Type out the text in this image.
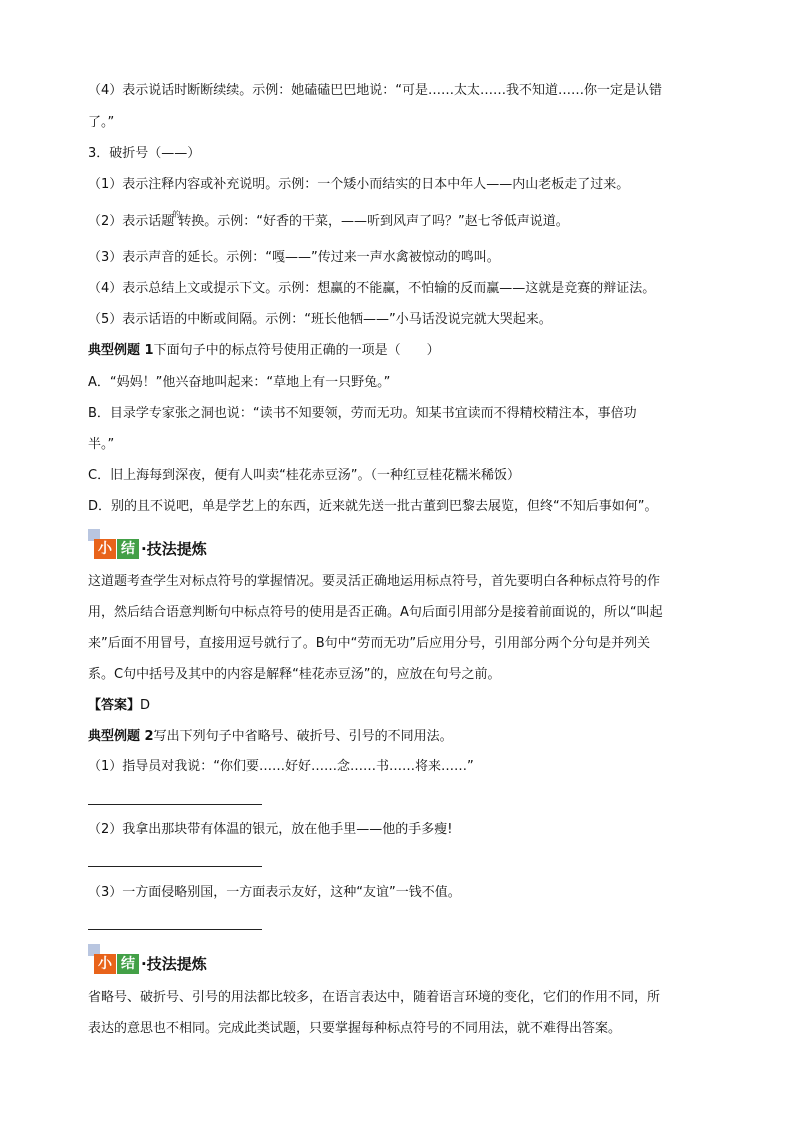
（4）表示说话时断断续续。示例：她磕磕巴巴地说：“可是……太太……我不知道……你一定是认错
了。”
3．破折号（——）
（1）表示注释内容或补充说明。示例：一个矮小而结实的日本中年人——内山老板走了过来。
（2）表示话题$^的$转换。示例：“好香的干菜，——听到风声了吗？”赵七爷低声说道。
（3）表示声音的延长。示例：“嘎——”传过来一声水禽被惊动的鸣叫。
（4）表示总结上文或提示下文。示例：想赢的不能赢，不怕输的反而赢——这就是竞赛的辩证法。
（5）表示话语的中断或间隔。示例：“班长他牺——”小马话没说完就大哭起来。
典型例题 1下面句子中的标点符号使用正确的一项是（　　）
A．“妈妈！”他兴奋地叫起来：“草地上有一只野兔。”
B．目录学专家张之洞也说：“读书不知要领，劳而无功。知某书宜读而不得精校精注本，事倍功
半。”
C．旧上海每到深夜，便有人叫卖“桂花赤豆汤”。（一种红豆桂花糯米稀饭）
D．别的且不说吧，单是学艺上的东西，近来就先送一批古董到巴黎去展览，但终“不知后事如何”。
小 结 ·技法提炼
这道题考查学生对标点符号的掌握情况。要灵活正确地运用标点符号，首先要明白各种标点符号的作
用，然后结合语意判断句中标点符号的使用是否正确。A句后面引用部分是接着前面说的，所以“叫起
来”后面不用冒号，直接用逗号就行了。B句中“劳而无功”后应用分号，引用部分两个分句是并列关
系。C句中括号及其中的内容是解释“桂花赤豆汤”的，应放在句号之前。
【答案】D
典型例题 2写出下列句子中省略号、破折号、引号的不同用法。
（1）指导员对我说：“你们要……好好……念……书……将来……”
（2）我拿出那块带有体温的银元，放在他手里——他的手多瘦!
（3）一方面侵略别国，一方面表示友好，这种“友谊”一钱不值。
小 结 ·技法提炼
省略号、破折号、引号的用法都比较多，在语言表达中，随着语言环境的变化，它们的作用不同，所
表达的意思也不相同。完成此类试题，只要掌握每种标点符号的不同用法，就不难得出答案。
